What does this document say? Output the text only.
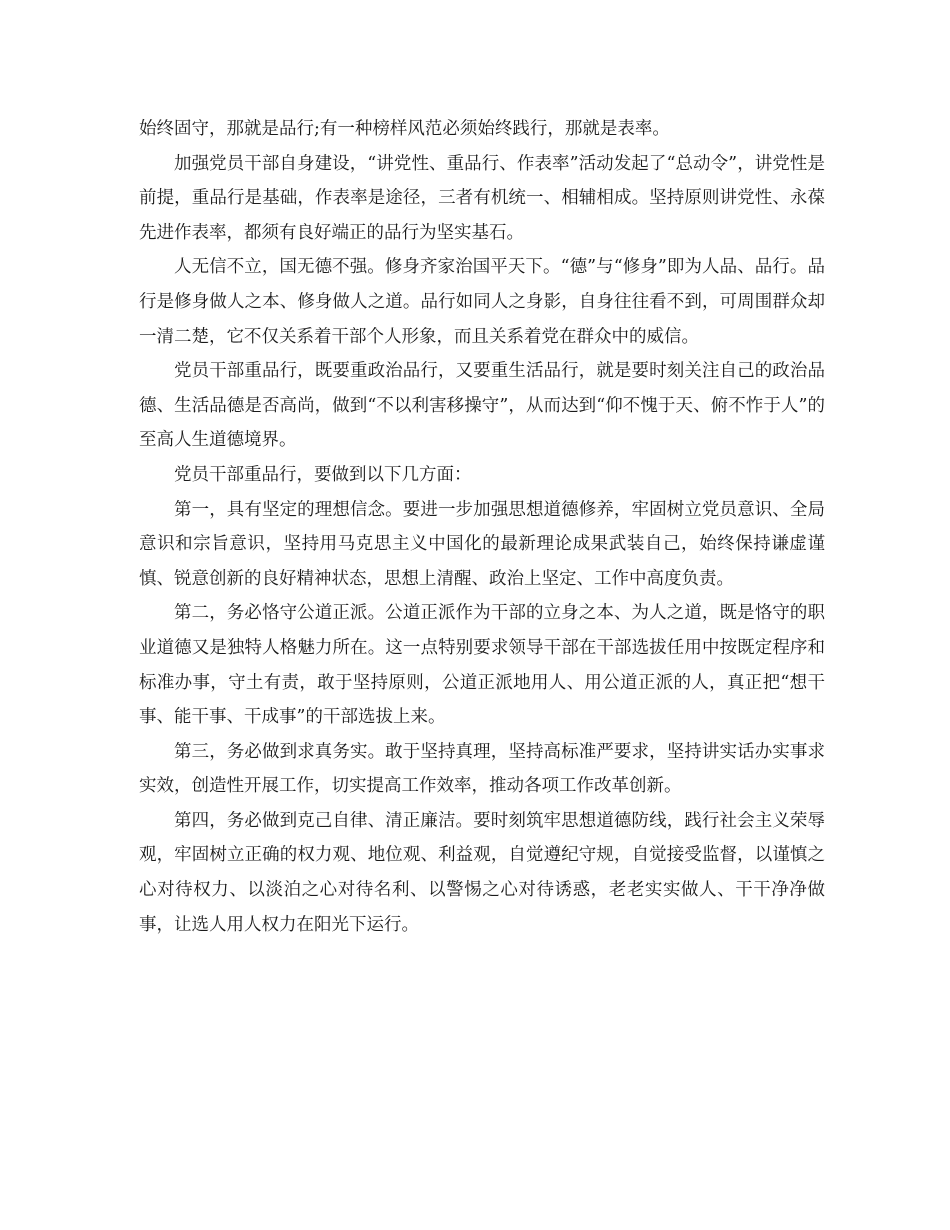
始终固守，那就是品行;有一种榜样风范必须始终践行，那就是表率。

加强党员干部自身建设，“讲党性、重品行、作表率”活动发起了“总动令”，讲党性是前提，重品行是基础，作表率是途径，三者有机统一、相辅相成。坚持原则讲党性、永葆先进作表率，都须有良好端正的品行为坚实基石。

人无信不立，国无德不强。修身齐家治国平天下。“德”与“修身”即为人品、品行。品行是修身做人之本、修身做人之道。品行如同人之身影，自身往往看不到，可周围群众却一清二楚，它不仅关系着干部个人形象，而且关系着党在群众中的威信。

党员干部重品行，既要重政治品行，又要重生活品行，就是要时刻关注自己的政治品德、生活品德是否高尚，做到“不以利害移操守”，从而达到“仰不愧于天、俯不怍于人”的至高人生道德境界。

党员干部重品行，要做到以下几方面：

第一，具有坚定的理想信念。要进一步加强思想道德修养，牢固树立党员意识、全局意识和宗旨意识，坚持用马克思主义中国化的最新理论成果武装自己，始终保持谦虚谨慎、锐意创新的良好精神状态，思想上清醒、政治上坚定、工作中高度负责。

第二，务必恪守公道正派。公道正派作为干部的立身之本、为人之道，既是恪守的职业道德又是独特人格魅力所在。这一点特别要求领导干部在干部选拔任用中按既定程序和标准办事，守土有责，敢于坚持原则，公道正派地用人、用公道正派的人，真正把“想干事、能干事、干成事”的干部选拔上来。

第三，务必做到求真务实。敢于坚持真理，坚持高标准严要求，坚持讲实话办实事求实效，创造性开展工作，切实提高工作效率，推动各项工作改革创新。

第四，务必做到克己自律、清正廉洁。要时刻筑牢思想道德防线，践行社会主义荣辱观，牢固树立正确的权力观、地位观、利益观，自觉遵纪守规，自觉接受监督，以谨慎之心对待权力、以淡泊之心对待名利、以警惕之心对待诱惑，老老实实做人、干干净净做事，让选人用人权力在阳光下运行。
